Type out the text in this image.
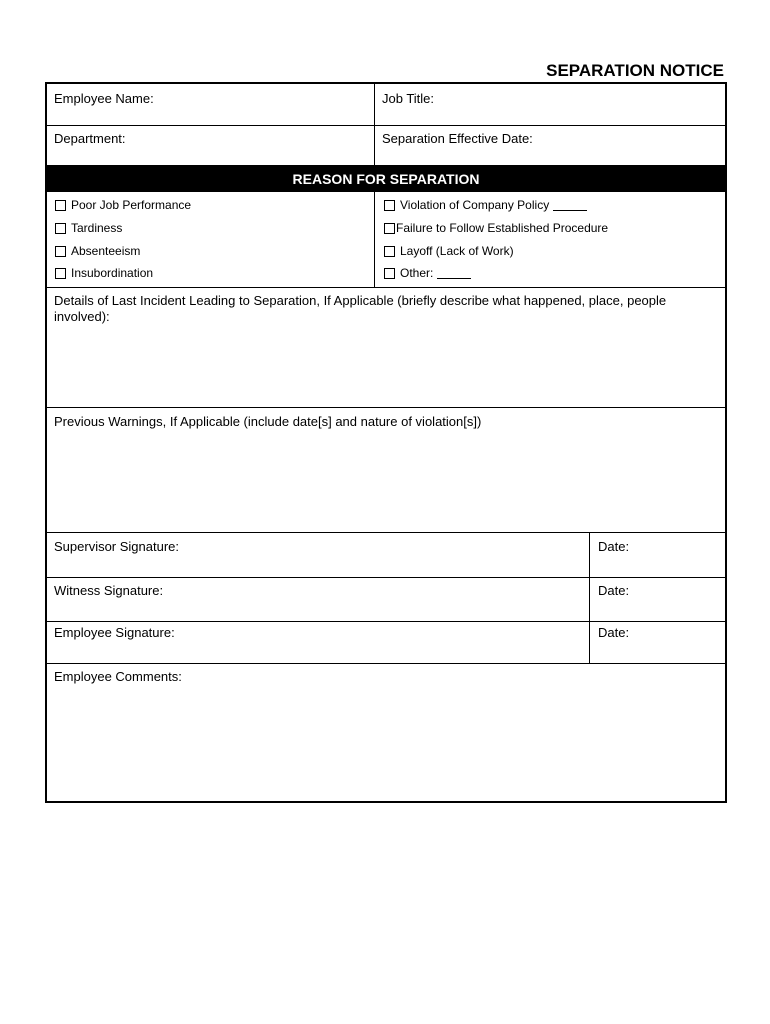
SEPARATION NOTICE
Employee Name:	Job Title:
Department:	Separation Effective Date:
REASON FOR SEPARATION
Poor Job Performance
Tardiness
Absenteeism
Insubordination
Violation of Company Policy
Failure to Follow Established Procedure
Layoff (Lack of Work)
Other:
Details of Last Incident Leading to Separation, If Applicable (briefly describe what happened, place, people involved):
Previous Warnings, If Applicable (include date[s] and nature of violation[s])
Supervisor Signature:	Date:
Witness Signature:	Date:
Employee Signature:	Date:
Employee Comments:
